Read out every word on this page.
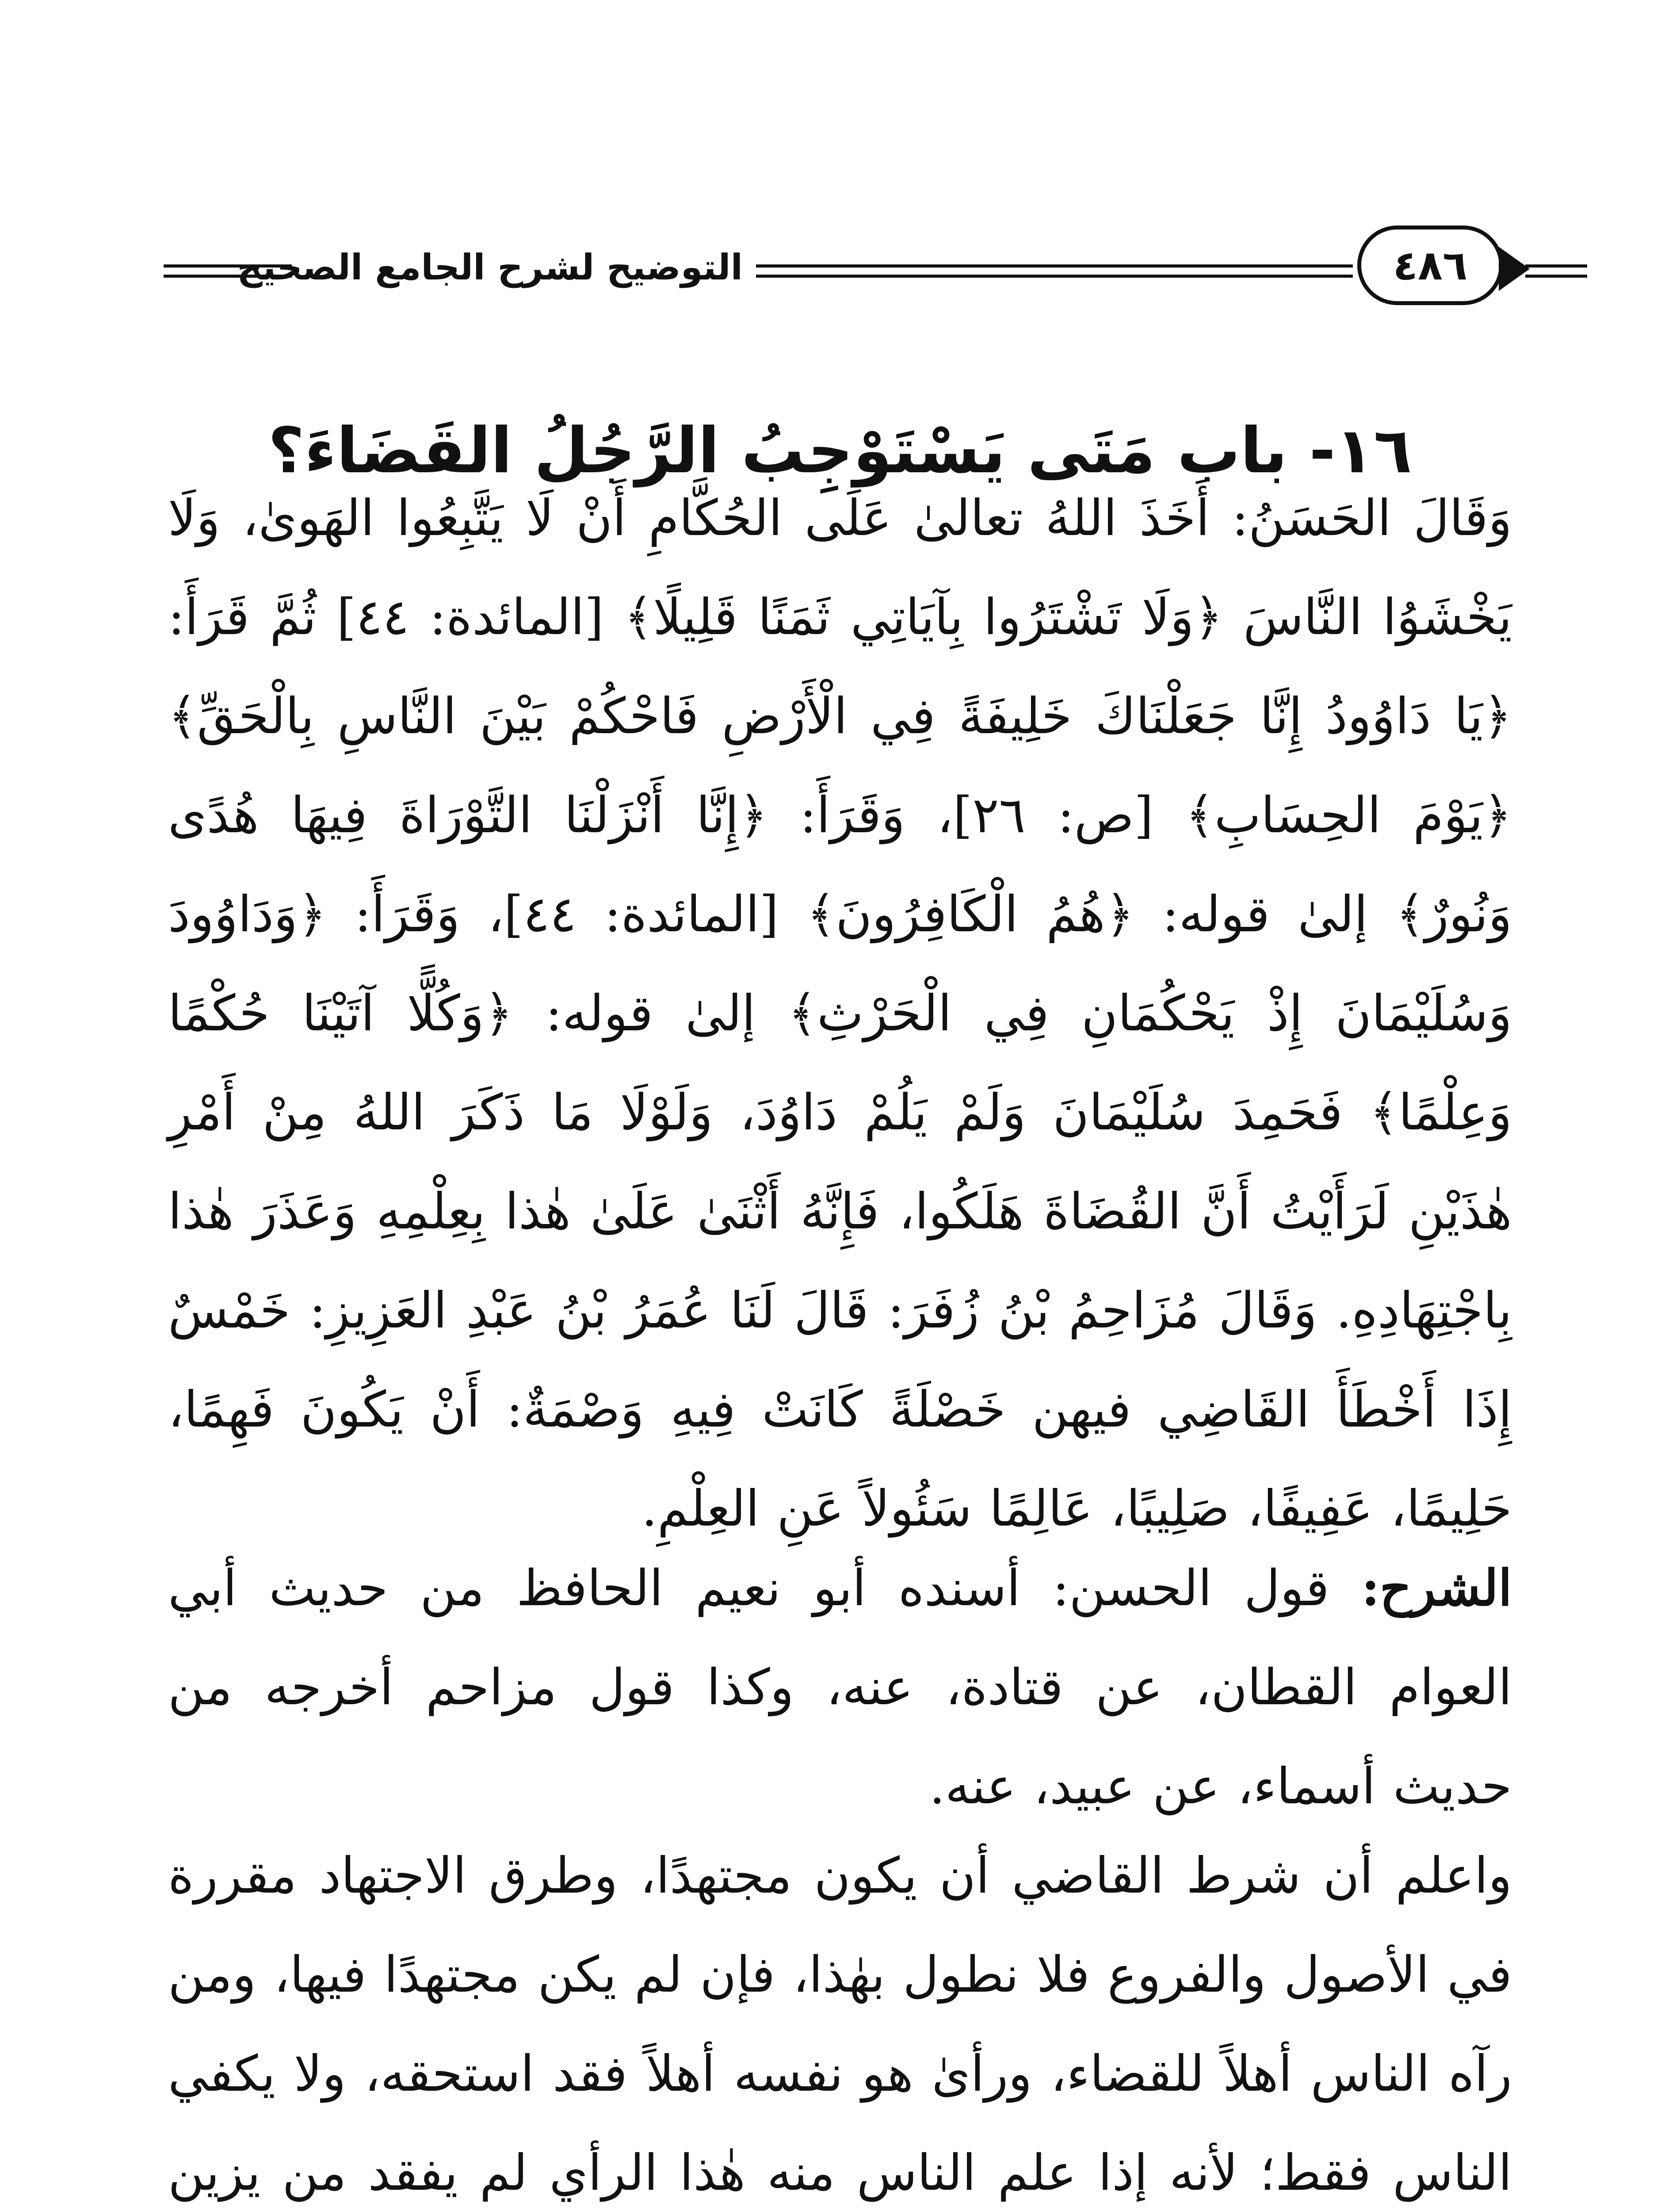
التوضيح لشرح الجامع الصحيح	٤٨٦
١٦- باب مَتَى يَسْتَوْجِبُ الرَّجُلُ القَضَاءَ؟

وَقَالَ الحَسَنُ: أَخَذَ اللهُ تعالىٰ عَلَى الحُكَّامِ أَنْ لَا يَتَّبِعُوا الهَوىٰ، وَلَا يَخْشَوُا النَّاسَ ﴿وَلَا تَشْتَرُوا بِآيَاتِي ثَمَنًا قَلِيلًا﴾ [المائدة: ٤٤] ثُمَّ قَرَأَ: ﴿يَا دَاوُودُ إِنَّا جَعَلْنَاكَ خَلِيفَةً فِي الْأَرْضِ فَاحْكُمْ بَيْنَ النَّاسِ بِالْحَقِّ﴾ ﴿يَوْمَ الحِسَابِ﴾ [ص: ٢٦]، وَقَرَأَ: ﴿إِنَّا أَنْزَلْنَا التَّوْرَاةَ فِيهَا هُدًى وَنُورٌ﴾ إلىٰ قوله: ﴿هُمُ الْكَافِرُونَ﴾ [المائدة: ٤٤]، وَقَرَأَ: ﴿وَدَاوُودَ وَسُلَيْمَانَ إِذْ يَحْكُمَانِ فِي الْحَرْثِ﴾ إلىٰ قوله: ﴿وَكُلًّا آتَيْنَا حُكْمًا وَعِلْمًا﴾ فَحَمِدَ سُلَيْمَانَ وَلَمْ يَلُمْ دَاوُدَ، وَلَوْلَا مَا ذَكَرَ اللهُ مِنْ أَمْرِ هٰذَيْنِ لَرَأَيْتُ أَنَّ القُضَاةَ هَلَكُوا، فَإِنَّهُ أَثْنَىٰ عَلَىٰ هٰذا بِعِلْمِهِ وَعَذَرَ هٰذا بِاجْتِهَادِهِ. وَقَالَ مُزَاحِمُ بْنُ زُفَرَ: قَالَ لَنَا عُمَرُ بْنُ عَبْدِ العَزِيزِ: خَمْسٌ إِذَا أَخْطَأَ القَاضِي فيهن خَصْلَةً كَانَتْ فِيهِ وَصْمَةٌ: أَنْ يَكُونَ فَهِمًا، حَلِيمًا، عَفِيفًا، صَلِيبًا، عَالِمًا سَئُولاً عَنِ العِلْمِ.

الشرح: قول الحسن: أسنده أبو نعيم الحافظ من حديث أبي العوام القطان، عن قتادة، عنه، وكذا قول مزاحم أخرجه من حديث أسماء، عن عبيد، عنه.

واعلم أن شرط القاضي أن يكون مجتهدًا، وطرق الاجتهاد مقررة في الأصول والفروع فلا نطول بهٰذا، فإن لم يكن مجتهدًا فيها، ومن رآه الناس أهلاً للقضاء، ورأىٰ هو نفسه أهلاً فقد استحقه، ولا يكفي الناس فقط؛ لأنه إذا علم الناس منه هٰذا الرأي لم يفقد من يزين
